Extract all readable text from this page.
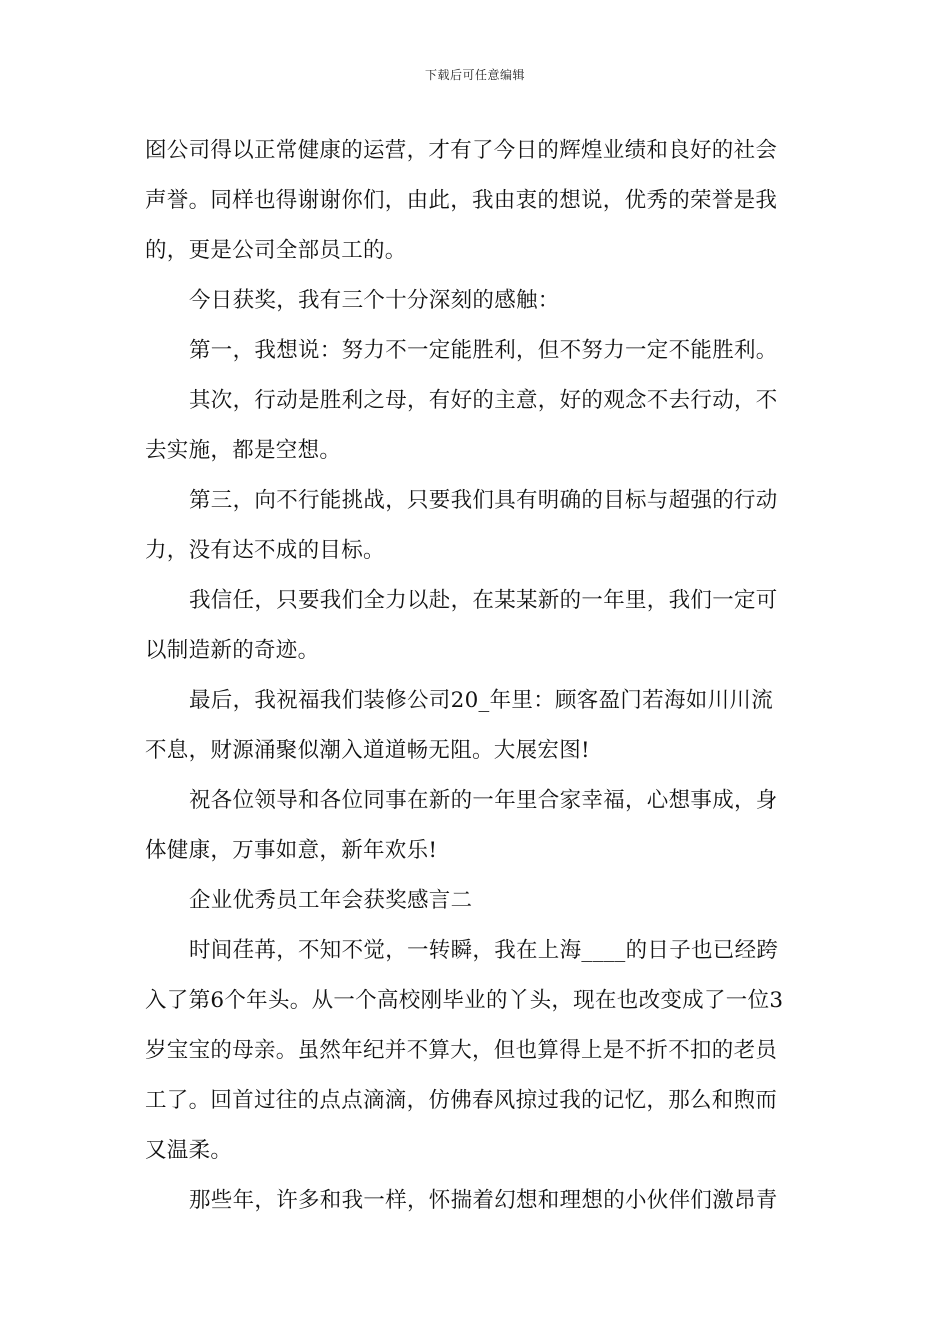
下载后可任意编辑
囵公司得以正常健康的运营，才有了今日的辉煌业绩和良好的社会
声誉。同样也得谢谢你们，由此，我由衷的想说，优秀的荣誉是我
的，更是公司全部员工的。
今日获奖，我有三个十分深刻的感触：
第一，我想说：努力不一定能胜利，但不努力一定不能胜利。
其次，行动是胜利之母，有好的主意，好的观念不去行动，不
去实施，都是空想。
第三，向不行能挑战，只要我们具有明确的目标与超强的行动
力，没有达不成的目标。
我信任，只要我们全力以赴，在某某新的一年里，我们一定可
以制造新的奇迹。
最后，我祝福我们装修公司20_年里：顾客盈门若海如川川流
不息，财源涌聚似潮入道道畅无阻。大展宏图!
祝各位领导和各位同事在新的一年里合家幸福，心想事成，身
体健康，万事如意，新年欢乐!
企业优秀员工年会获奖感言二
时间荏苒，不知不觉，一转瞬，我在上海____的日子也已经跨
入了第6个年头。从一个高校刚毕业的丫头，现在也改变成了一位3
岁宝宝的母亲。虽然年纪并不算大，但也算得上是不折不扣的老员
工了。回首过往的点点滴滴，仿佛春风掠过我的记忆，那么和煦而
又温柔。
那些年，许多和我一样，怀揣着幻想和理想的小伙伴们激昂青
